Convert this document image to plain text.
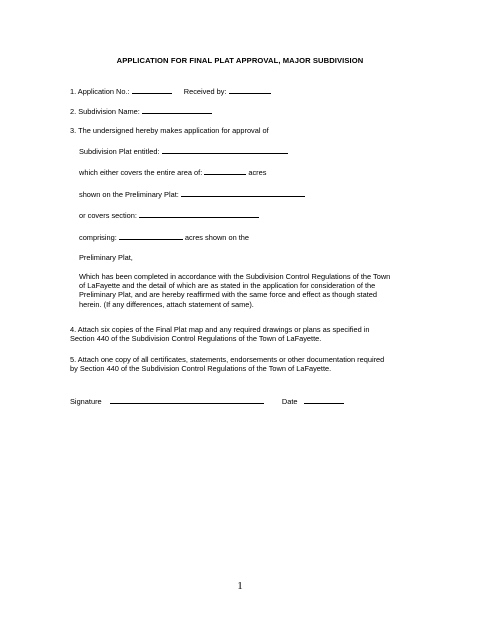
APPLICATION FOR FINAL PLAT APPROVAL, MAJOR SUBDIVISION
1. Application No.:	Received by:
2. Subdivision Name:
3. The undersigned hereby makes application for approval of
Subdivision Plat entitled:
which either covers the entire area of:	acres
shown on the Preliminary Plat:
or covers section:
comprising:	acres shown on the
Preliminary Plat,
Which has been completed in accordance with the Subdivision Control Regulations of the Town
of LaFayette and the detail of which are as stated in the application for consideration of the
Preliminary Plat, and are hereby reaffirmed with the same force and effect as though stated
herein. (If any differences, attach statement of same).
4. Attach six copies of the Final Plat map and any required drawings or plans as specified in
Section 440 of the Subdivision Control Regulations of the Town of LaFayette.
5. Attach one copy of all certificates, statements, endorsements or other documentation required
by Section 440 of the Subdivision Control Regulations of the Town of LaFayette.
Signature	Date
1
